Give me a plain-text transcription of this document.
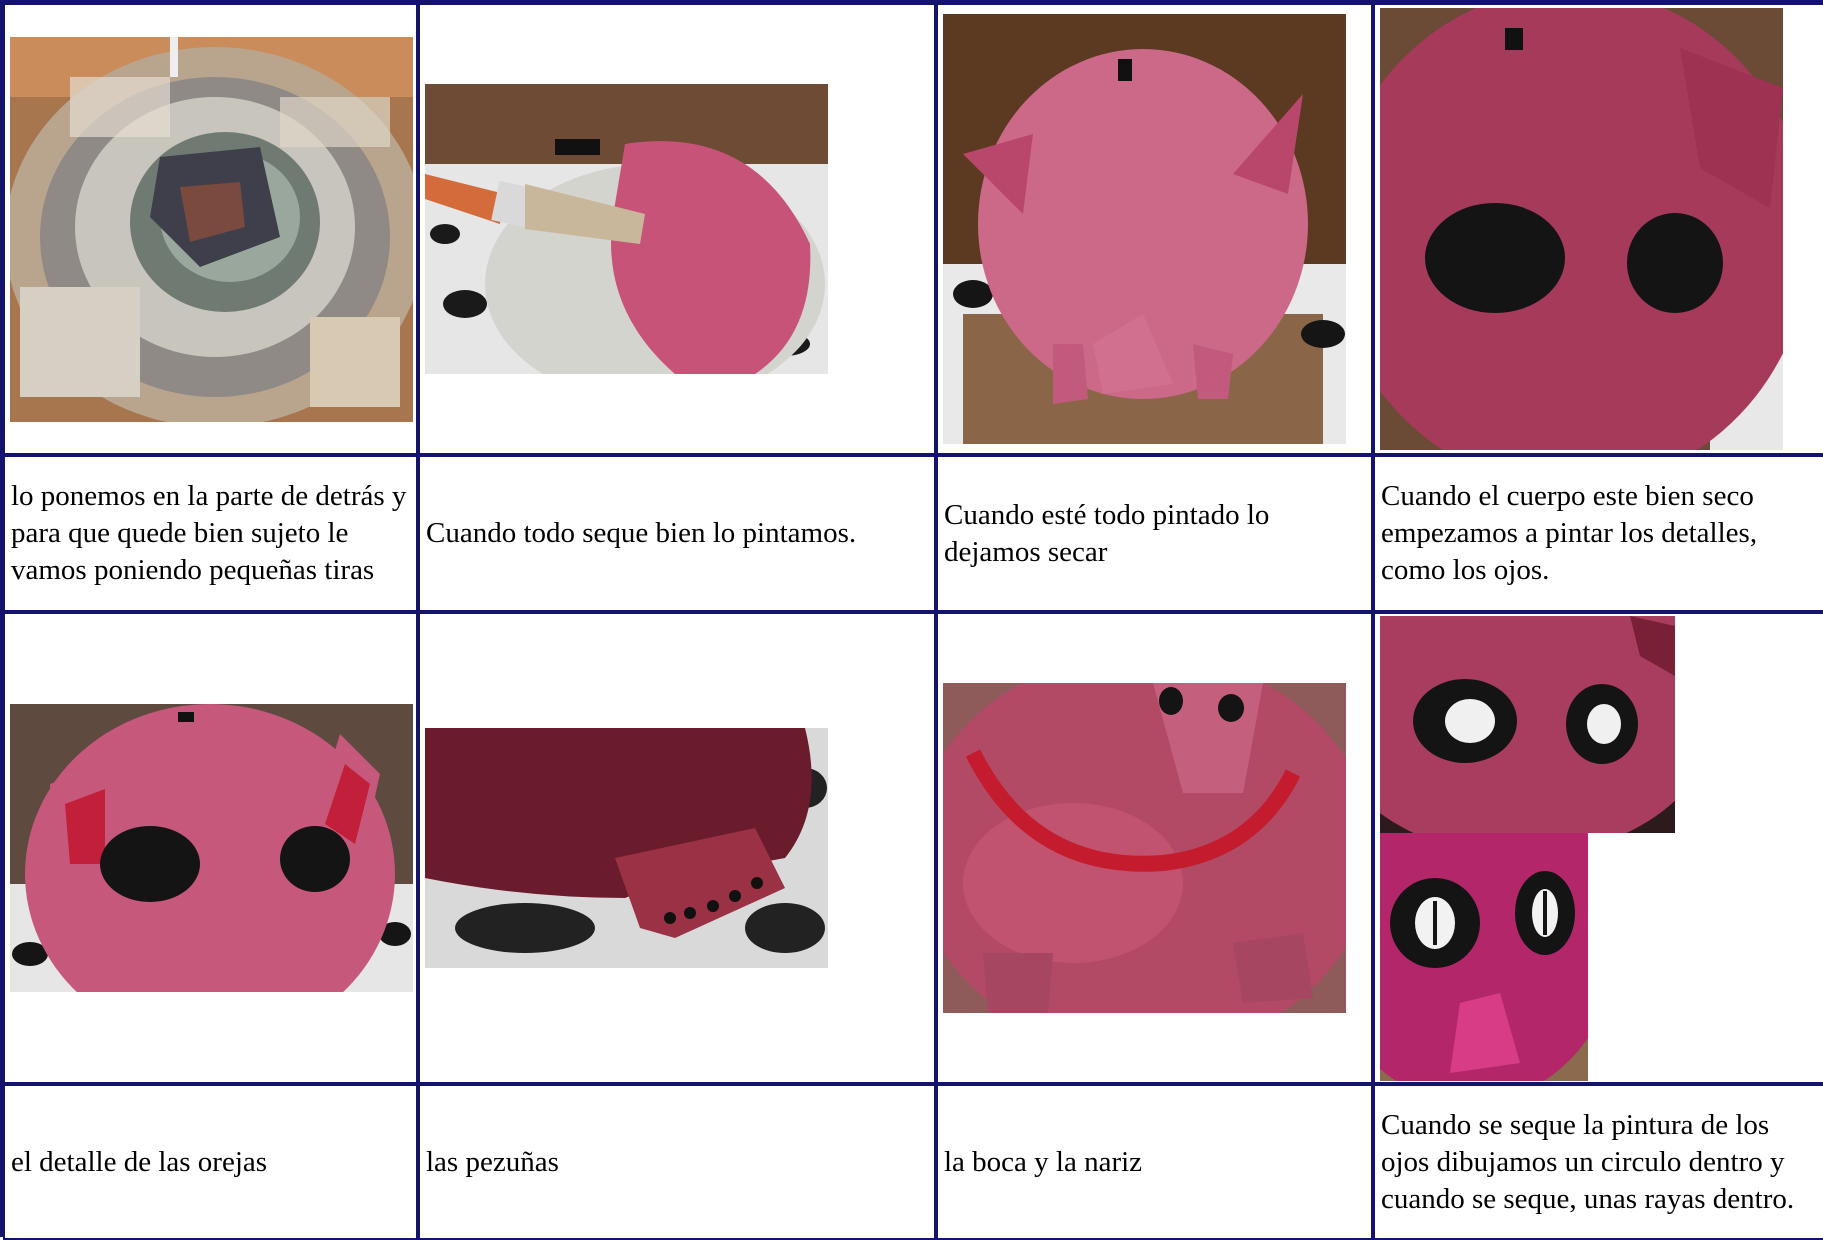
lo ponemos en la parte de detrás y para que quede bien sujeto le vamos poniendo pequeñas tiras
Cuando todo seque bien lo pintamos.
Cuando esté todo pintado lo dejamos secar
Cuando el cuerpo este bien seco empezamos a pintar los detalles, como los ojos.
el detalle de las orejas	las pezuñas	la boca y la nariz
Cuando se seque la pintura de los ojos dibujamos un circulo dentro y cuando se seque, unas rayas dentro.
